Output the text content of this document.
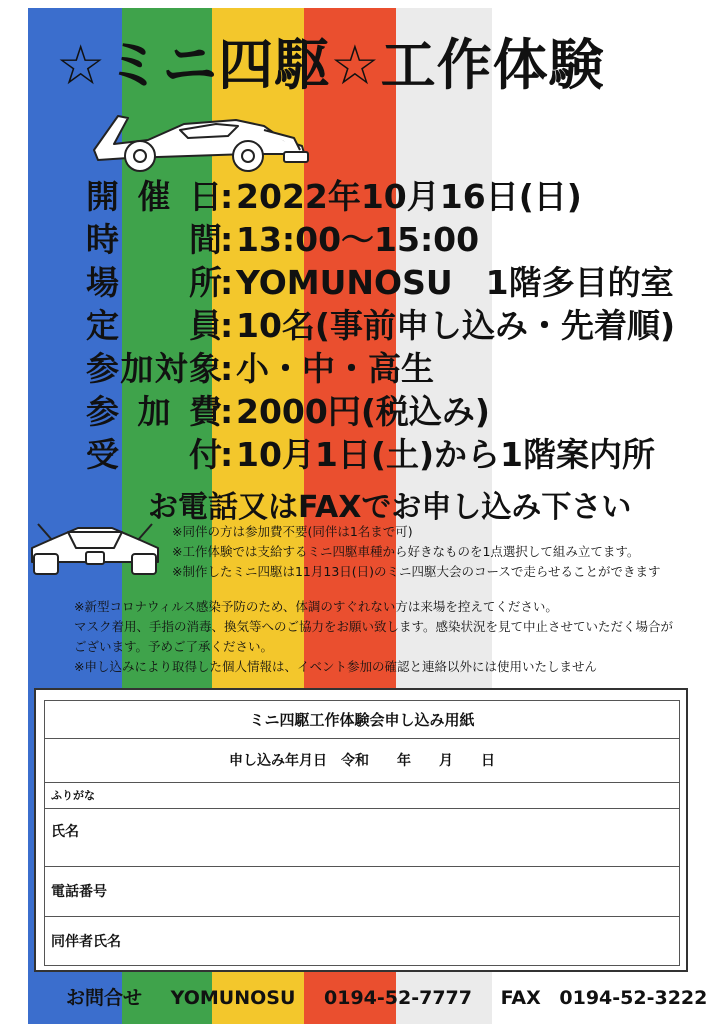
☆ミニ四駆☆工作体験
開 催 日
: 2022年10月16日(日)
時 間
: 13:00～15:00
場 所
: YOMUNOSU　1階多目的室
定 員
: 10名(事前申し込み・先着順)
参 加 対 象
: 小・中・高生
参 加 費
: 2000円(税込み)
受 付
: 10月1日(土)から1階案内所
お電話又はFAXでお申し込み下さい
※同伴の方は参加費不要(同伴は1名まで可)
※工作体験では支給するミニ四駆車種から好きなものを1点選択して組み立てます。
※制作したミニ四駆は11月13日(日)のミニ四駆大会のコースで走らせることができます
※新型コロナウィルス感染予防のため、体調のすぐれない方は来場を控えてください。
マスク着用、手指の消毒、換気等へのご協力をお願い致します。感染状況を見て中止させていただく場合が
ございます。予めご了承ください。
※申し込みにより取得した個人情報は、イベント参加の確認と連絡以外には使用いたしません
ミニ四駆工作体験会申し込み用紙
申し込み年月日　令和　　年　　月　　日
ふりがな
氏名
電話番号
同伴者氏名
お問合せ YOMUNOSU 0194-52-7777 FAX 0194-52-3222
